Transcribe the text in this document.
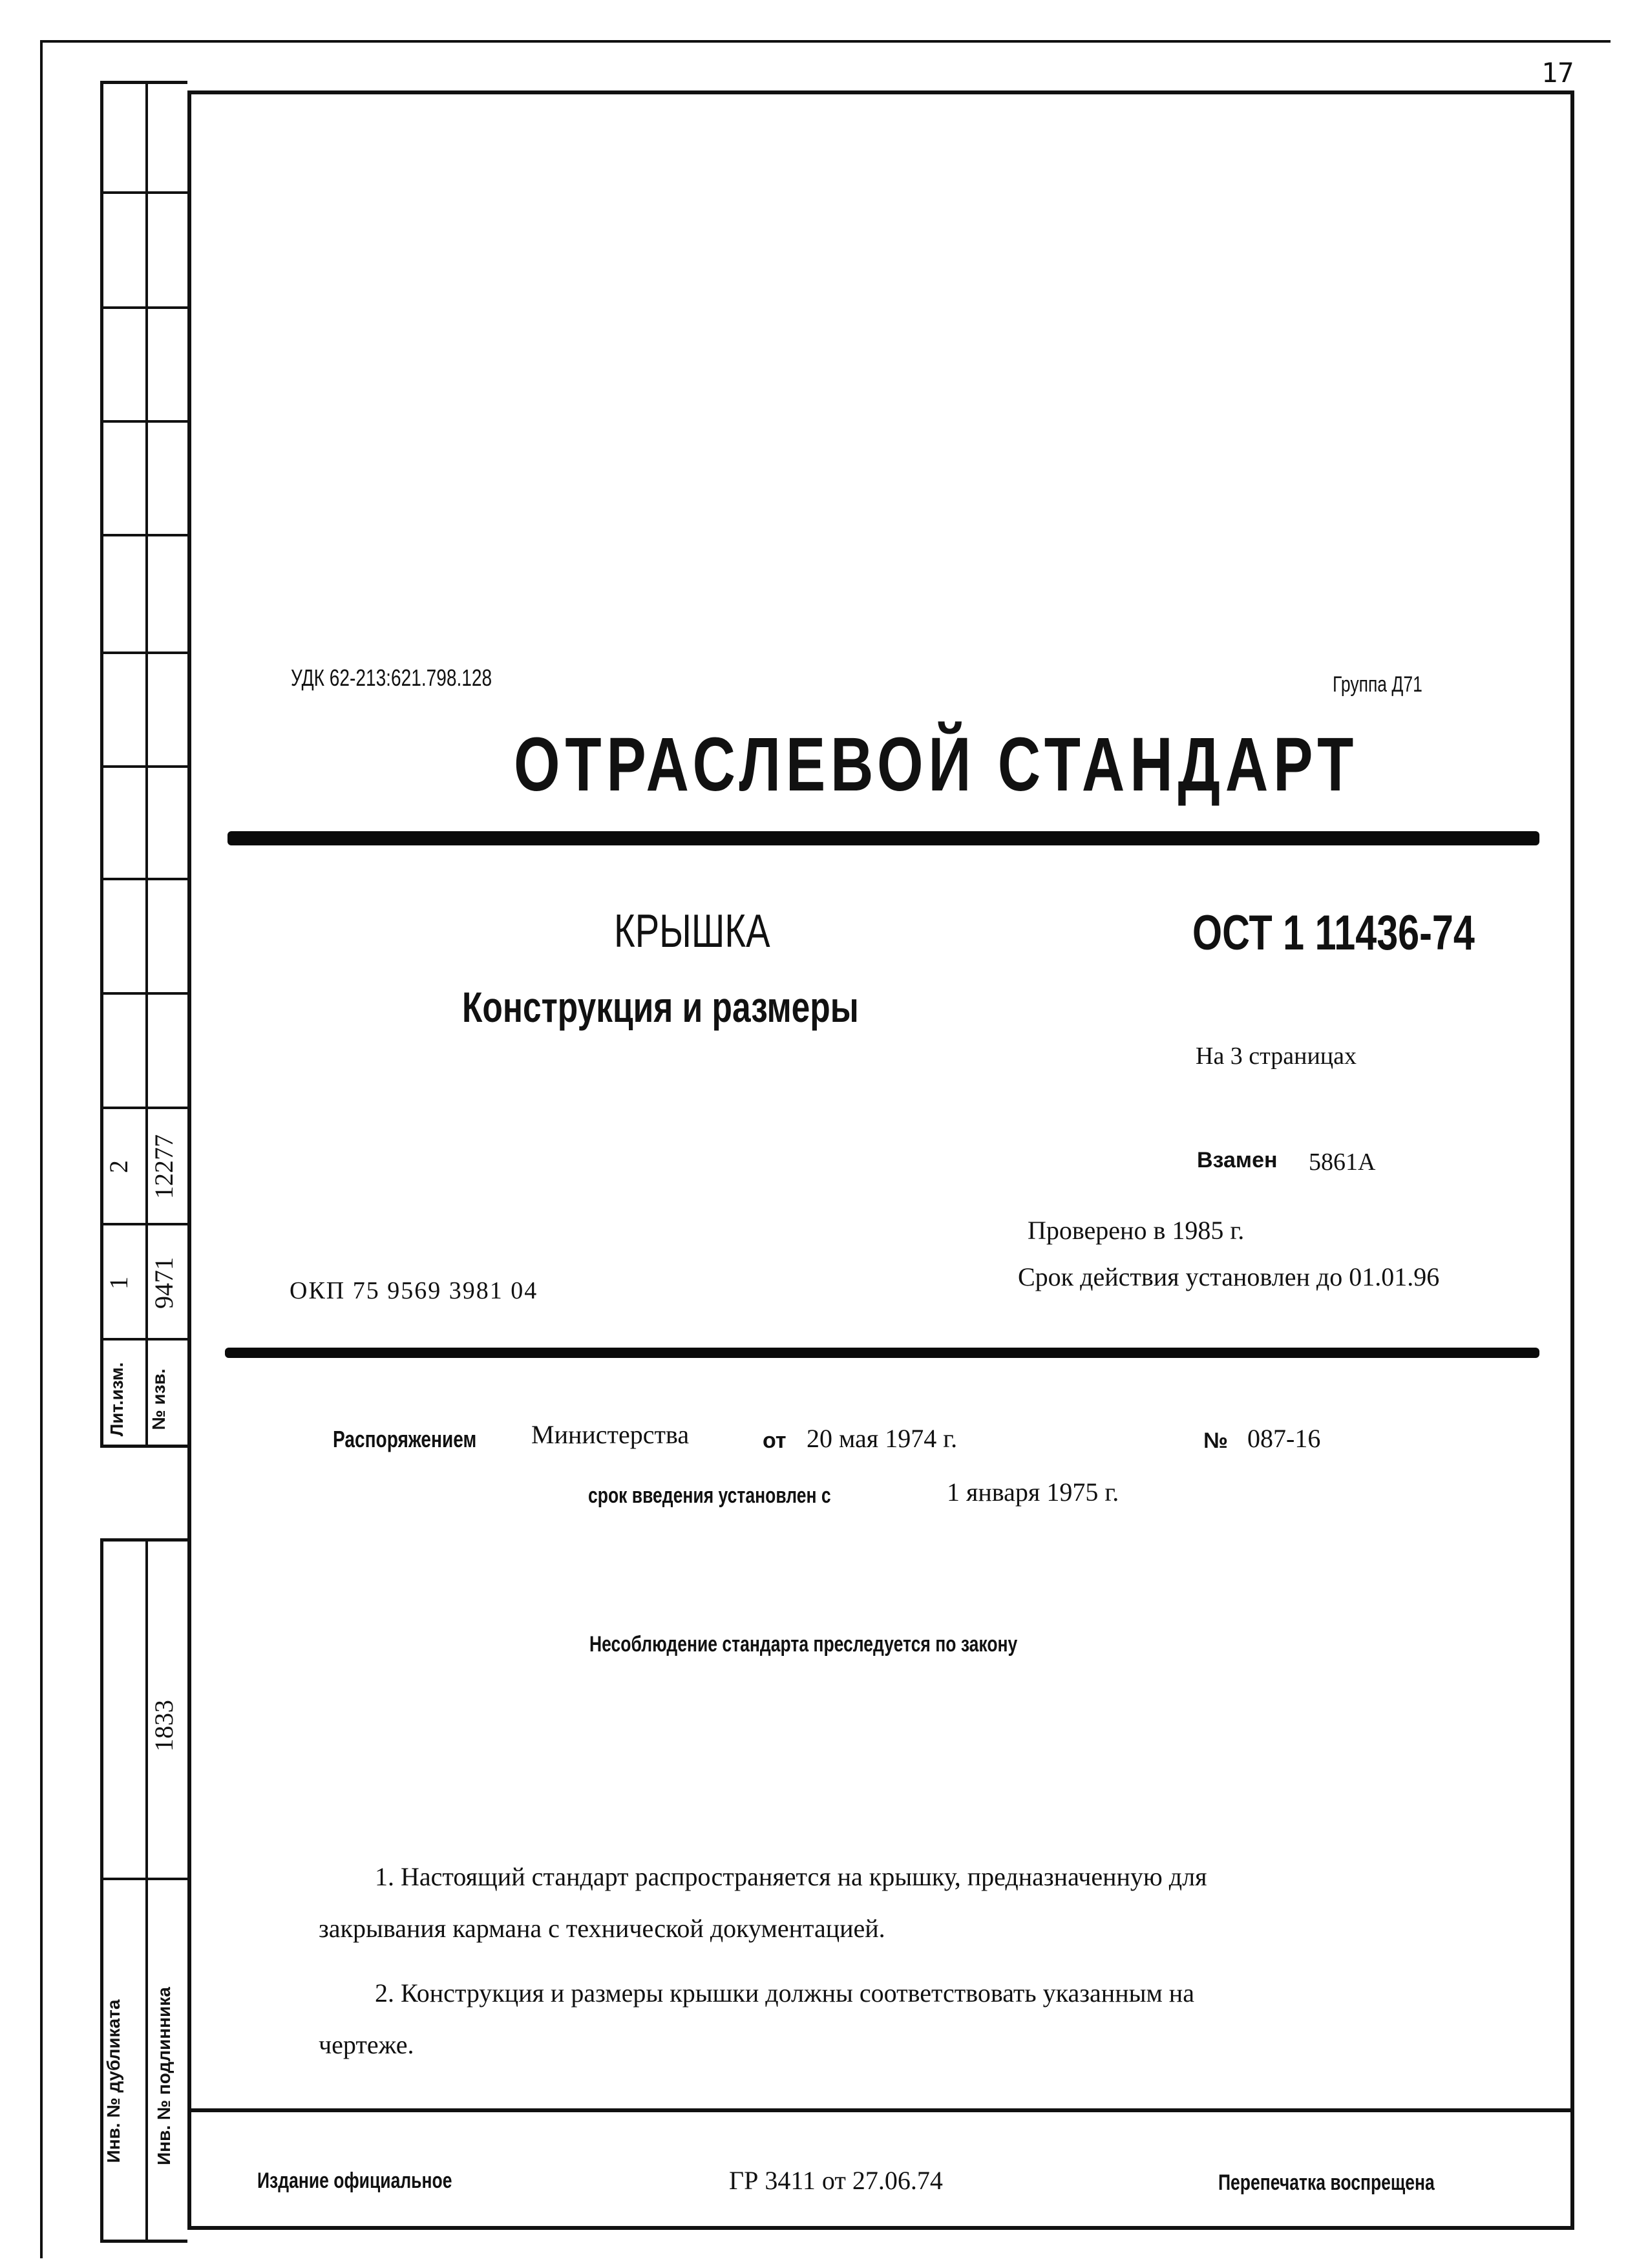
17
1 9471
2 12277
Лит.изм.	№ изв.
1833
Инв. № дубликата	Инв. № подлинника
УДК 62-213:621.798.128	Группа Д71
ОТРАСЛЕВОЙ СТАНДАРТ
КРЫШКА
Конструкция и размеры
ОСТ 1 11436-74
На 3 страницах
Взамен 5861А
Проверено в 1985 г.
Срок действия установлен до 01.01.96
ОКП 75 9569 3981 04
Распоряжением	Министерства	от 20 мая 1974 г.	№ 087-16
срок введения установлен с	1 января 1975 г.
Несоблюдение стандарта преследуется по закону
1. Настоящий стандарт распространяется на крышку, предназначенную для
закрывания кармана с технической документацией.
2. Конструкция и размеры крышки должны соответствовать указанным на
чертеже.
Издание официальное	ГР 3411 от 27.06.74	Перепечатка воспрещена
